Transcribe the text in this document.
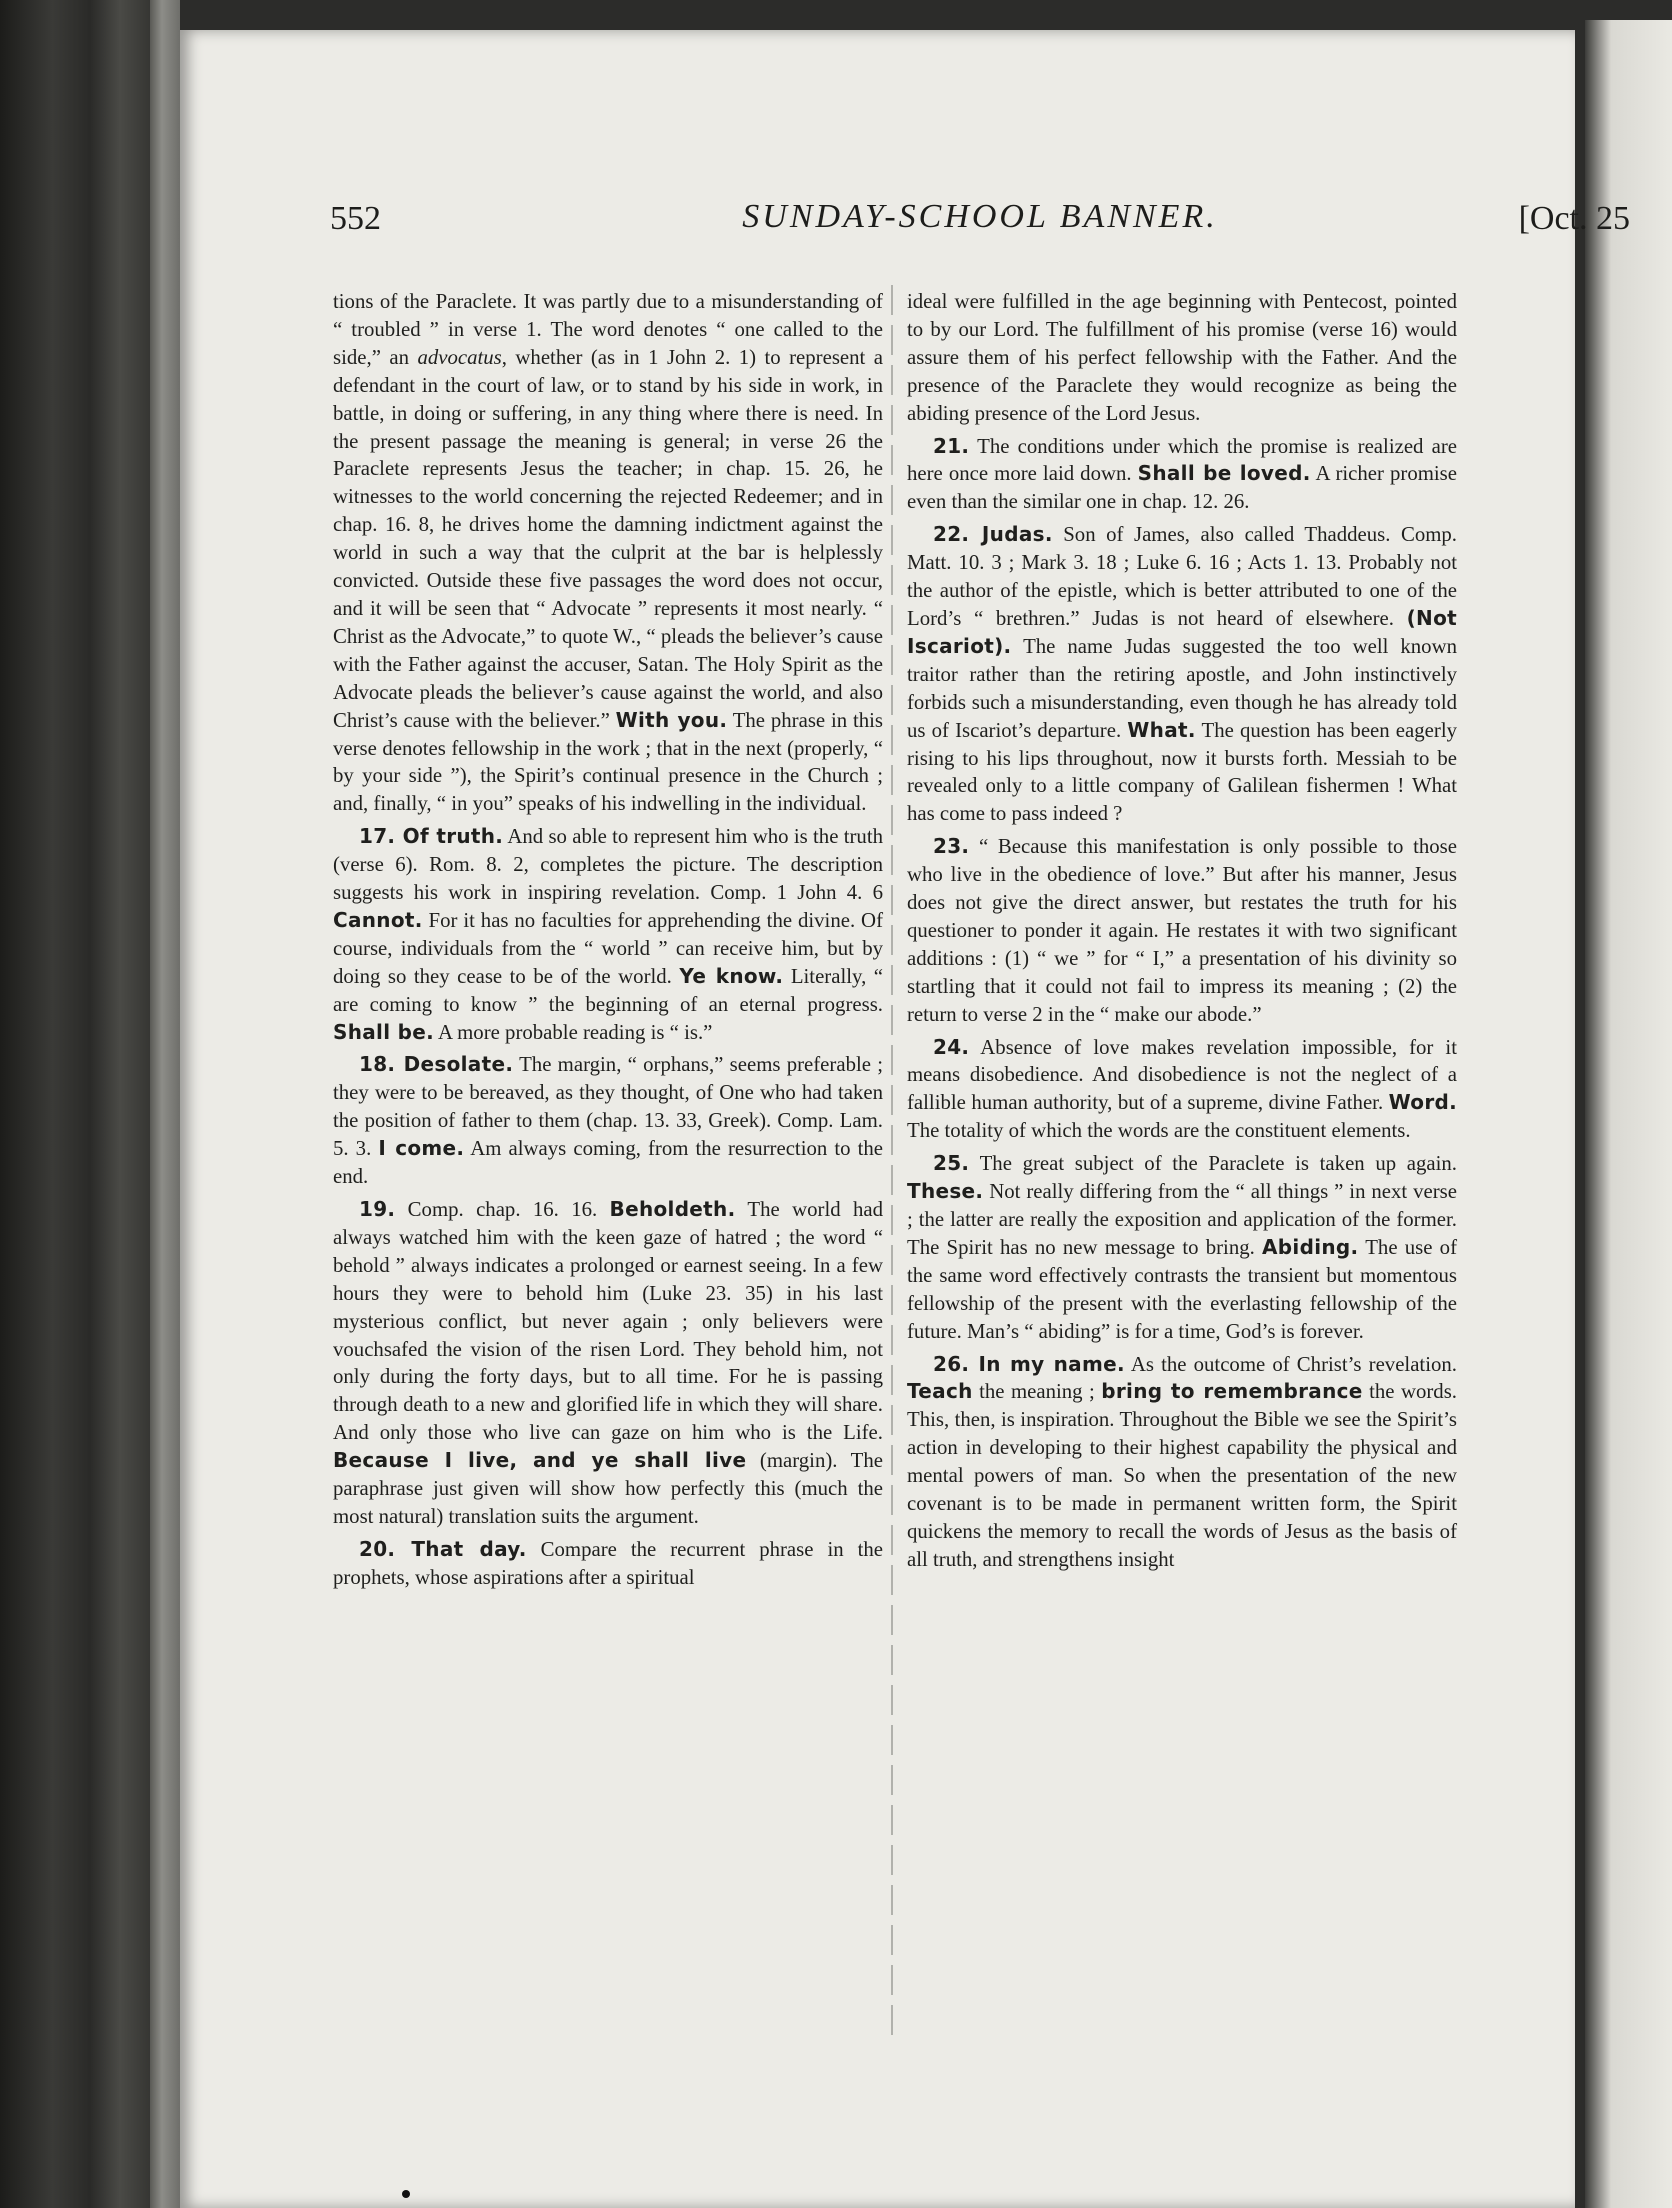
552	SUNDAY-SCHOOL BANNER.	[Oct. 25

tions of the Paraclete. It was partly due to a misunderstanding of “ troubled ” in verse 1. The word denotes “ one called to the side,” an advocatus, whether (as in 1 John 2. 1) to represent a defendant in the court of law, or to stand by his side in work, in battle, in doing or suffering, in any thing where there is need. In the present passage the meaning is general; in verse 26 the Paraclete represents Jesus the teacher; in chap. 15. 26, he witnesses to the world concerning the rejected Redeemer; and in chap. 16. 8, he drives home the damning indictment against the world in such a way that the culprit at the bar is helplessly convicted. Outside these five passages the word does not occur, and it will be seen that “ Advocate ” represents it most nearly. “ Christ as the Advocate,” to quote W., “ pleads the believer’s cause with the Father against the accuser, Satan. The Holy Spirit as the Advocate pleads the believer’s cause against the world, and also Christ’s cause with the believer.” With you. The phrase in this verse denotes fellowship in the work ; that in the next (properly, “ by your side ”), the Spirit’s continual presence in the Church ; and, finally, “ in you” speaks of his indwelling in the individual.

17. Of truth. And so able to represent him who is the truth (verse 6). Rom. 8. 2, completes the picture. The description suggests his work in inspiring revelation. Comp. 1 John 4. 6 Cannot. For it has no faculties for apprehending the divine. Of course, individuals from the “ world ” can receive him, but by doing so they cease to be of the world. Ye know. Literally, “ are coming to know ” the beginning of an eternal progress. Shall be. A more probable reading is “ is.”

18. Desolate. The margin, “ orphans,” seems preferable ; they were to be bereaved, as they thought, of One who had taken the position of father to them (chap. 13. 33, Greek). Comp. Lam. 5. 3. I come. Am always coming, from the resurrection to the end.

19. Comp. chap. 16. 16. Beholdeth. The world had always watched him with the keen gaze of hatred ; the word “ behold ” always indicates a prolonged or earnest seeing. In a few hours they were to behold him (Luke 23. 35) in his last mysterious conflict, but never again ; only believers were vouchsafed the vision of the risen Lord. They behold him, not only during the forty days, but to all time. For he is passing through death to a new and glorified life in which they will share. And only those who live can gaze on him who is the Life. Because I live, and ye shall live (margin). The paraphrase just given will show how perfectly this (much the most natural) translation suits the argument.

20. That day. Compare the recurrent phrase in the prophets, whose aspirations after a spiritual

ideal were fulfilled in the age beginning with Pentecost, pointed to by our Lord. The fulfillment of his promise (verse 16) would assure them of his perfect fellowship with the Father. And the presence of the Paraclete they would recognize as being the abiding presence of the Lord Jesus.

21. The conditions under which the promise is realized are here once more laid down. Shall be loved. A richer promise even than the similar one in chap. 12. 26.

22. Judas. Son of James, also called Thaddeus. Comp. Matt. 10. 3 ; Mark 3. 18 ; Luke 6. 16 ; Acts 1. 13. Probably not the author of the epistle, which is better attributed to one of the Lord’s “ brethren.” Judas is not heard of elsewhere. (Not Iscariot). The name Judas suggested the too well known traitor rather than the retiring apostle, and John instinctively forbids such a misunderstanding, even though he has already told us of Iscariot’s departure. What. The question has been eagerly rising to his lips throughout, now it bursts forth. Messiah to be revealed only to a little company of Galilean fishermen ! What has come to pass indeed ?

23. “ Because this manifestation is only possible to those who live in the obedience of love.” But after his manner, Jesus does not give the direct answer, but restates the truth for his questioner to ponder it again. He restates it with two significant additions : (1) “ we ” for “ I,” a presentation of his divinity so startling that it could not fail to impress its meaning ; (2) the return to verse 2 in the “ make our abode.”

24. Absence of love makes revelation impossible, for it means disobedience. And disobedience is not the neglect of a fallible human authority, but of a supreme, divine Father. Word. The totality of which the words are the constituent elements.

25. The great subject of the Paraclete is taken up again. These. Not really differing from the “ all things ” in next verse ; the latter are really the exposition and application of the former. The Spirit has no new message to bring. Abiding. The use of the same word effectively contrasts the transient but momentous fellowship of the present with the everlasting fellowship of the future. Man’s “ abiding” is for a time, God’s is forever.

26. In my name. As the outcome of Christ’s revelation. Teach the meaning ; bring to remembrance the words. This, then, is inspiration. Throughout the Bible we see the Spirit’s action in developing to their highest capability the physical and mental powers of man. So when the presentation of the new covenant is to be made in permanent written form, the Spirit quickens the memory to recall the words of Jesus as the basis of all truth, and strengthens insight
